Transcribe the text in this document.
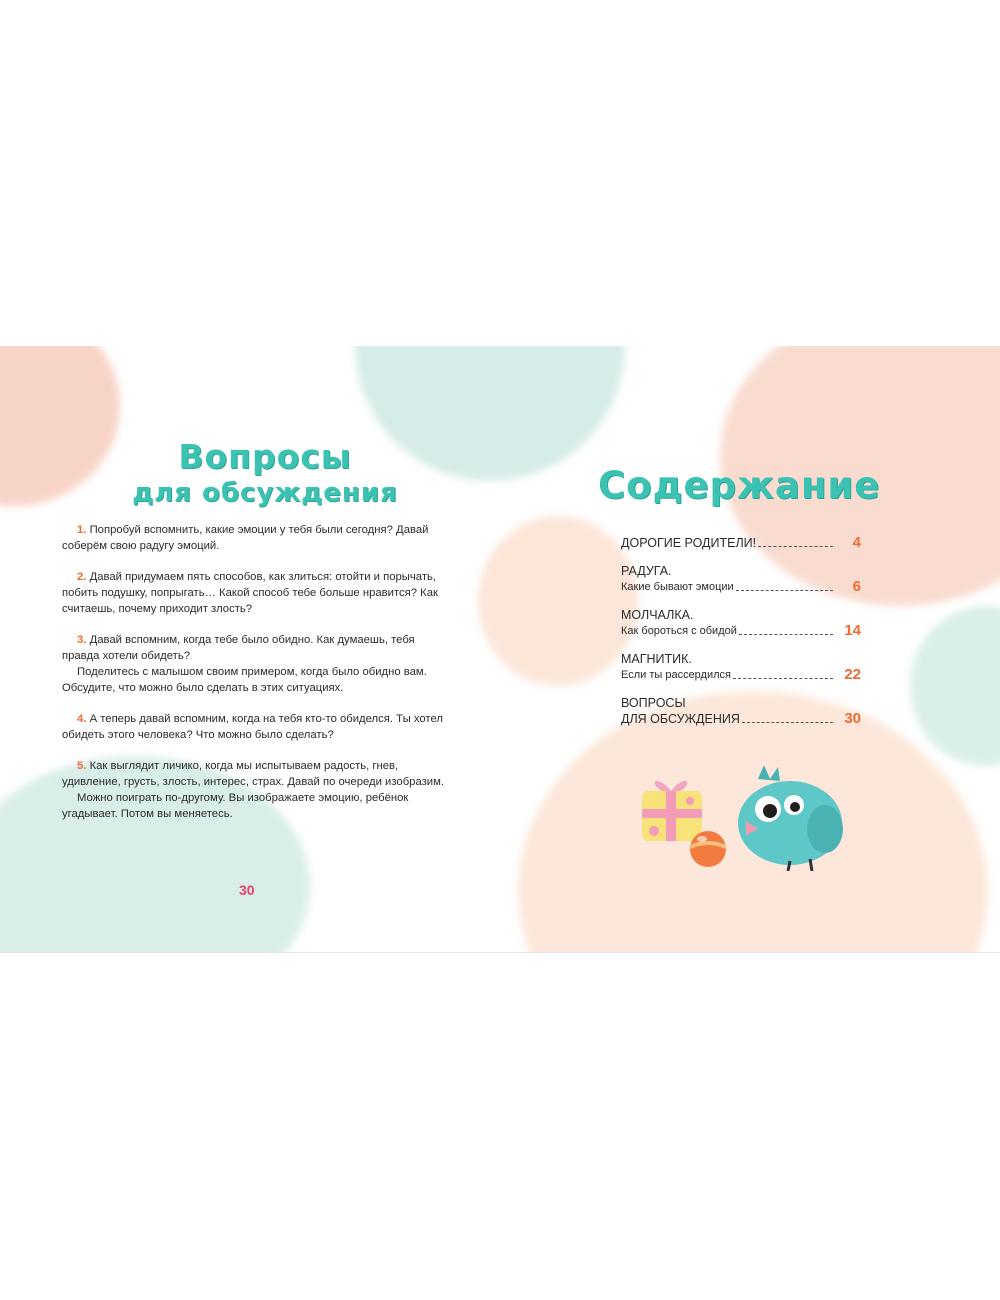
Вопросы
для обсуждения

1. Попробуй вспомнить, какие эмоции у тебя были сегодня? Давай соберём свою радугу эмоций.

2. Давай придумаем пять способов, как злиться: отойти и порычать, побить подушку, попрыгать… Какой способ тебе больше нравится? Как считаешь, почему приходит злость?

3. Давай вспомним, когда тебе было обидно. Как думаешь, тебя правда хотели обидеть?

Поделитесь с малышом своим примером, когда было обидно вам. Обсудите, что можно было сделать в этих ситуациях.

4. А теперь давай вспомним, когда на тебя кто-то обиделся. Ты хотел обидеть этого человека? Что можно было сделать?

5. Как выглядит личико, когда мы испытываем радость, гнев, удивление, грусть, злость, интерес, страх. Давай по очереди изобразим.

Можно поиграть по-другому. Вы изображаете эмоцию, ребёнок угадывает. Потом вы меняетесь.

30
Содержание
ДОРОГИЕ РОДИТЕЛИ!	4
РАДУГА.
Какие бывают эмоции	6
МОЛЧАЛКА.
Как бороться с обидой	14
МАГНИТИК.
Если ты рассердился	22
ВОПРОСЫ
ДЛЯ ОБСУЖДЕНИЯ	30
